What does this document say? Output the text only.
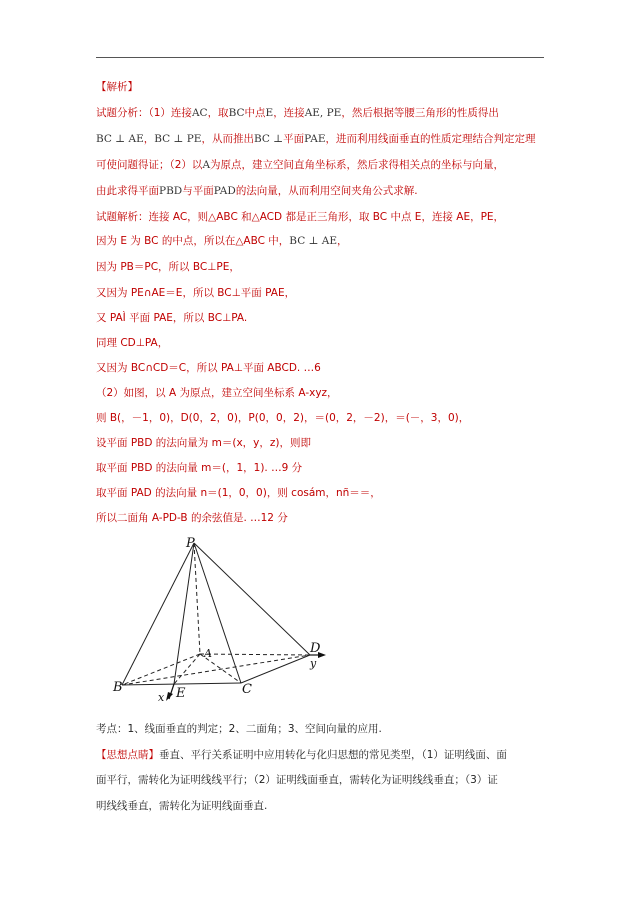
【解析】
试题分析：（1）连接AC，取BC中点E，连接AE, PE，然后根据等腰三角形的性质得出
BC ⊥ AE，BC ⊥ PE，从而推出BC ⊥平面PAE，进而利用线面垂直的性质定理结合判定定理
可使问题得证；（2）以A为原点，建立空间直角坐标系，然后求得相关点的坐标与向量，
由此求得平面PBD与平面PAD的法向量，从而利用空间夹角公式求解.
试题解析：连接 AC，则△ABC 和△ACD 都是正三角形，取 BC 中点 E，连接 AE，PE，
因为 E 为 BC 的中点，所以在△ABC 中，BC ⊥ AE，
因为 PB＝PC，所以 BC⊥PE，
又因为 PE∩AE＝E，所以 BC⊥平面 PAE，
又 PAÌ 平面 PAE，所以 BC⊥PA.
同理 CD⊥PA，
又因为 BC∩CD＝C，所以 PA⊥平面 ABCD. …6
（2）如图，以 A 为原点，建立空间坐标系 A-xyz，
则 B(，－1，0)，D(0，2，0)，P(0，0，2)，＝(0，2，－2)，＝(－，3，0)，
设平面 PBD 的法向量为 m＝(x，y，z)，则即
取平面 PBD 的法向量 m＝(，1，1). …9 分
取平面 PAD 的法向量 n＝(1，0，0)，则 cosám，nñ＝＝，
所以二面角 A-PD-B 的余弦值是. …12 分
P
A
B	C
D
E
x
y
考点：1、线面垂直的判定；2、二面角；3、空间向量的应用.
【思想点睛】垂直、平行关系证明中应用转化与化归思想的常见类型，（1）证明线面、面
面平行，需转化为证明线线平行；（2）证明线面垂直，需转化为证明线线垂直；（3）证
明线线垂直，需转化为证明线面垂直.
